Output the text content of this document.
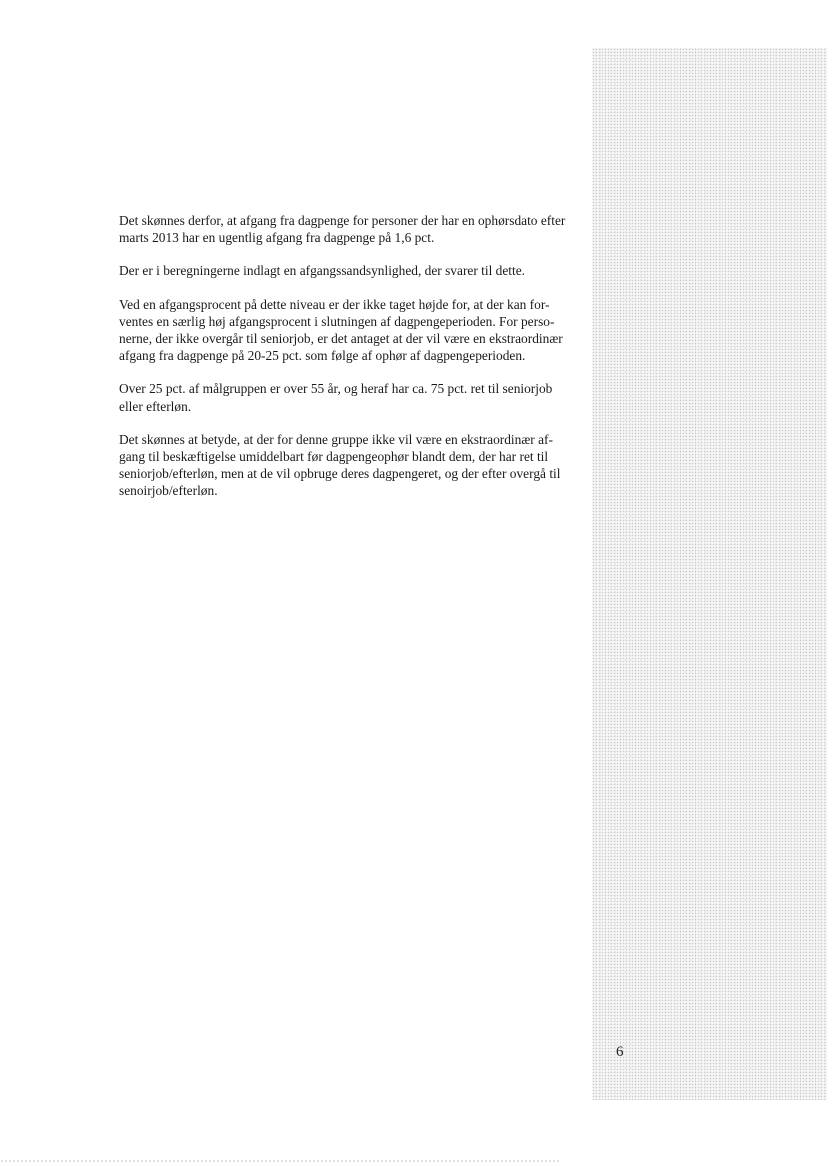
Det skønnes derfor, at afgang fra dagpenge for personer der har en ophørsdato efter
marts 2013 har en ugentlig afgang fra dagpenge på 1,6 pct.

Der er i beregningerne indlagt en afgangssandsynlighed, der svarer til dette.

Ved en afgangsprocent på dette niveau er der ikke taget højde for, at der kan for-
ventes en særlig høj afgangsprocent i slutningen af dagpengeperioden. For perso-
nerne, der ikke overgår til seniorjob, er det antaget at der vil være en ekstraordinær
afgang fra dagpenge på 20-25 pct. som følge af ophør af dagpengeperioden.

Over 25 pct. af målgruppen er over 55 år, og heraf har ca. 75 pct. ret til seniorjob
eller efterløn.

Det skønnes at betyde, at der for denne gruppe ikke vil være en ekstraordinær af-
gang til beskæftigelse umiddelbart før dagpengeophør blandt dem, der har ret til
seniorjob/efterløn, men at de vil opbruge deres dagpengeret, og der efter overgå til
senoirjob/efterløn.

6
